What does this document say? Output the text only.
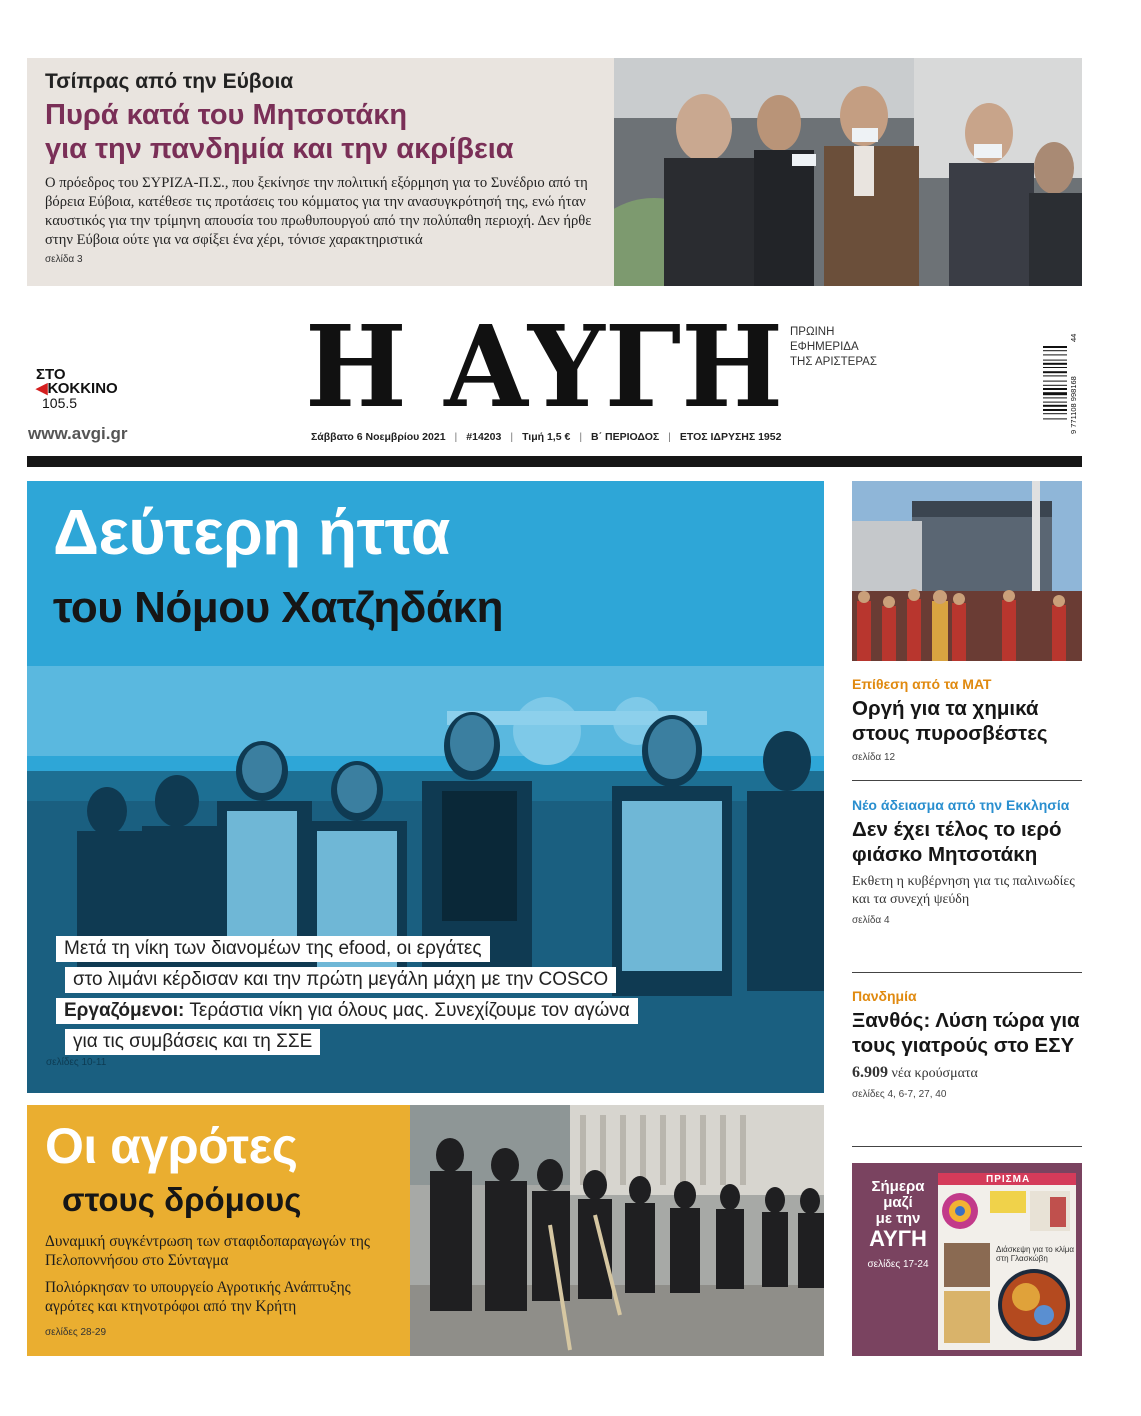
Τσίπρας από την Εύβοια
Πυρά κατά του Μητσοτάκη
για την πανδημία και την ακρίβεια

Ο πρόεδρος του ΣΥΡΙΖΑ-Π.Σ., που ξεκίνησε την πολιτική εξόρμηση για το Συνέδριο από τη βόρεια Εύβοια, κατέθεσε τις προτάσεις του κόμματος για την ανασυγκρότησή της, ενώ ήταν καυστικός για την τρίμηνη απουσία του πρωθυπουργού από την πολύπαθη περιοχή. Δεν ήρθε στην Εύβοια ούτε για να σφίξει ένα χέρι, τόνισε χαρακτηριστικά

σελίδα 3
ΣΤΟ
◀ΚΟΚΚΙΝΟ
105.5
www.avgi.gr
Η ΑΥΓΗ ΠΡΩΙΝΗ
ΕΦΗΜΕΡΙΔΑ
ΤΗΣ ΑΡΙΣΤΕΡΑΣ
Σάββατο 6 Νοεμβρίου 2021 | #14203 | Τιμή 1,5 € | Β΄ ΠΕΡΙΟΔΟΣ | ΕΤΟΣ ΙΔΡΥΣΗΣ 1952
9 771108 998168
44
Δεύτερη ήττα
του Νόμου Χατζηδάκη
Μετά τη νίκη των διανομέων της efood, οι εργάτες
στο λιμάνι κέρδισαν και την πρώτη μεγάλη μάχη με την COSCO
Εργαζόμενοι: Τεράστια νίκη για όλους μας. Συνεχίζουμε τον αγώνα
για τις συμβάσεις και τη ΣΣΕ
σελίδες 10-11
Οι αγρότες
στους δρόμους

Δυναμική συγκέντρωση των σταφιδοπαραγωγών της Πελοποννήσου στο Σύνταγμα

Πολιόρκησαν το υπουργείο Αγροτικής Ανάπτυξης αγρότες και κτηνοτρόφοι από την Κρήτη

σελίδες 28-29
Επίθεση από τα ΜΑΤ
Οργή για τα χημικά στους πυροσβέστες
σελίδα 12
Νέο άδειασμα από την Εκκλησία
Δεν έχει τέλος το ιερό φιάσκο Μητσοτάκη

Εκθετη η κυβέρνηση για τις παλινωδίες και τα συνεχή ψεύδη

σελίδα 4
Πανδημία
Ξανθός: Λύση τώρα για τους γιατρούς στο ΕΣΥ

6.909 νέα κρούσματα

σελίδες 4, 6-7, 27, 40
Σήμερα
μαζί
με την
ΑΥΓΗ
σελίδες 17-24
ΠΡΙΣΜΑ
Διάσκεψη για το κλίμα στη Γλασκώβη
